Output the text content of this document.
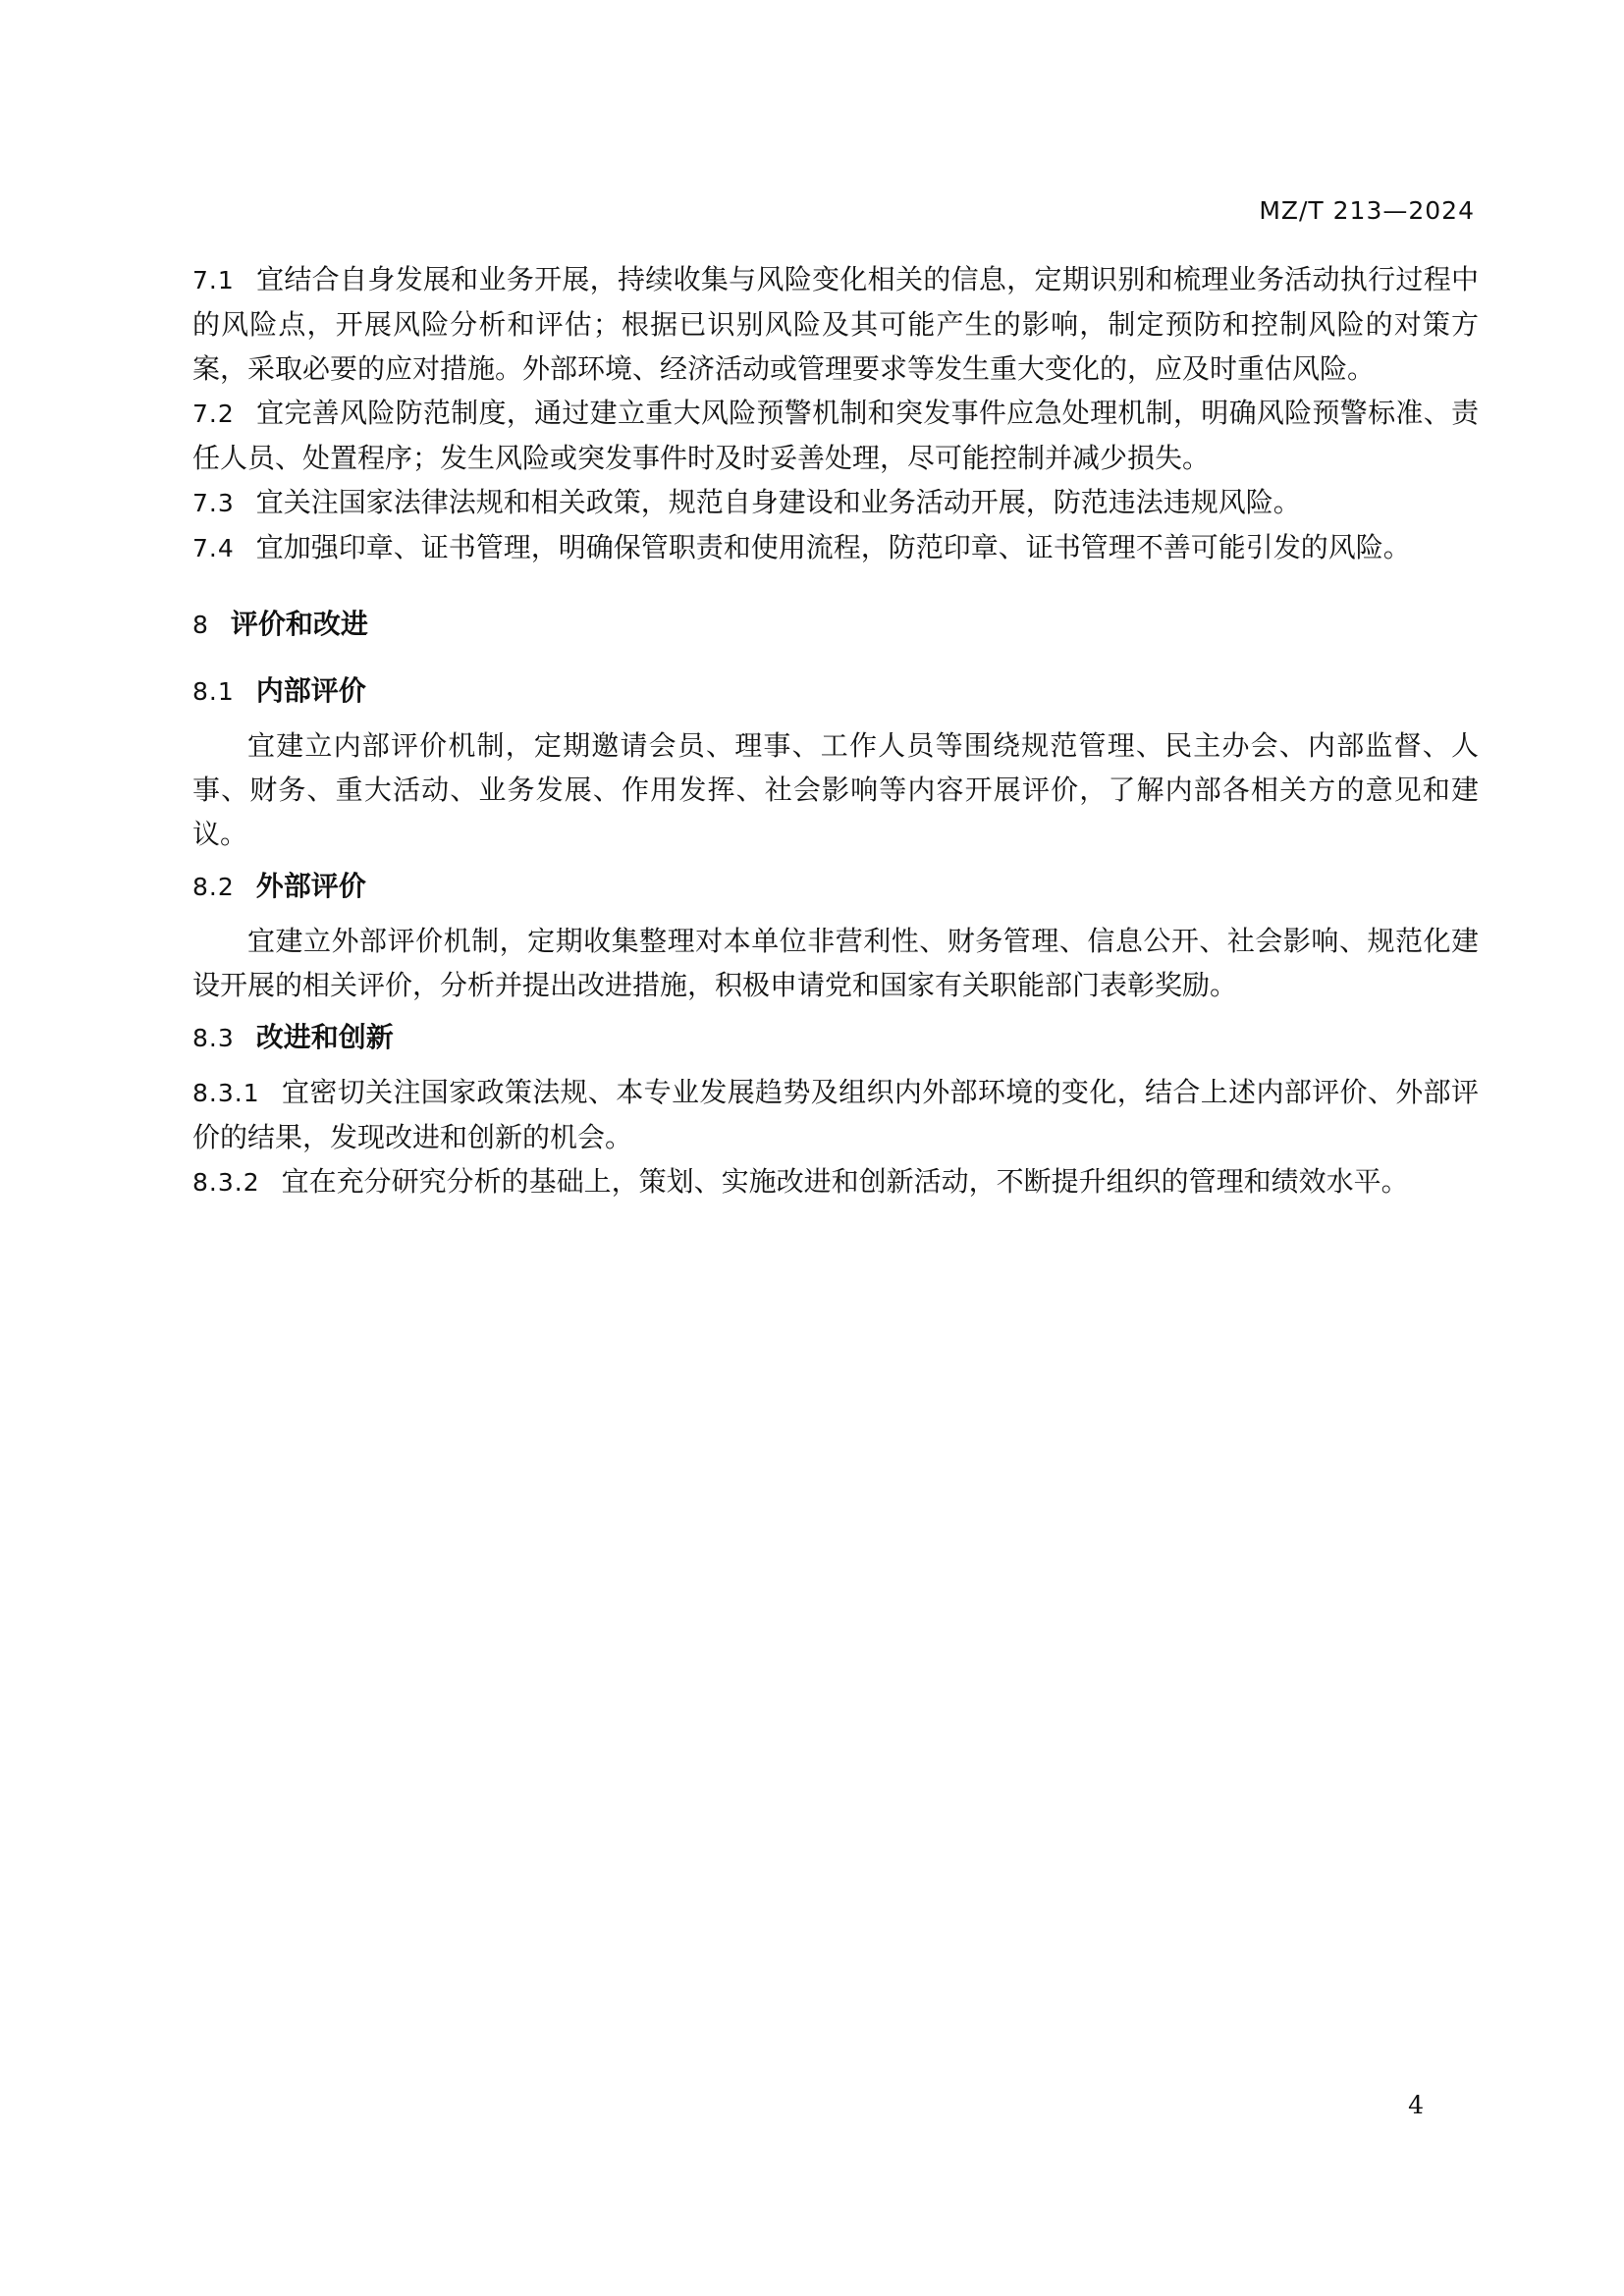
MZ/T 213—2024

7.1 宜结合自身发展和业务开展，持续收集与风险变化相关的信息，定期识别和梳理业务活动执行过程中的风险点，开展风险分析和评估；根据已识别风险及其可能产生的影响，制定预防和控制风险的对策方案，采取必要的应对措施。外部环境、经济活动或管理要求等发生重大变化的，应及时重估风险。

7.2 宜完善风险防范制度，通过建立重大风险预警机制和突发事件应急处理机制，明确风险预警标准、责任人员、处置程序；发生风险或突发事件时及时妥善处理，尽可能控制并减少损失。

7.3 宜关注国家法律法规和相关政策，规范自身建设和业务活动开展，防范违法违规风险。

7.4 宜加强印章、证书管理，明确保管职责和使用流程，防范印章、证书管理不善可能引发的风险。

8 评价和改进
8.1 内部评价

宜建立内部评价机制，定期邀请会员、理事、工作人员等围绕规范管理、民主办会、内部监督、人事、财务、重大活动、业务发展、作用发挥、社会影响等内容开展评价，了解内部各相关方的意见和建议。

8.2 外部评价

宜建立外部评价机制，定期收集整理对本单位非营利性、财务管理、信息公开、社会影响、规范化建设开展的相关评价，分析并提出改进措施，积极申请党和国家有关职能部门表彰奖励。

8.3 改进和创新

8.3.1 宜密切关注国家政策法规、本专业发展趋势及组织内外部环境的变化，结合上述内部评价、外部评价的结果，发现改进和创新的机会。

8.3.2 宜在充分研究分析的基础上，策划、实施改进和创新活动，不断提升组织的管理和绩效水平。

4
